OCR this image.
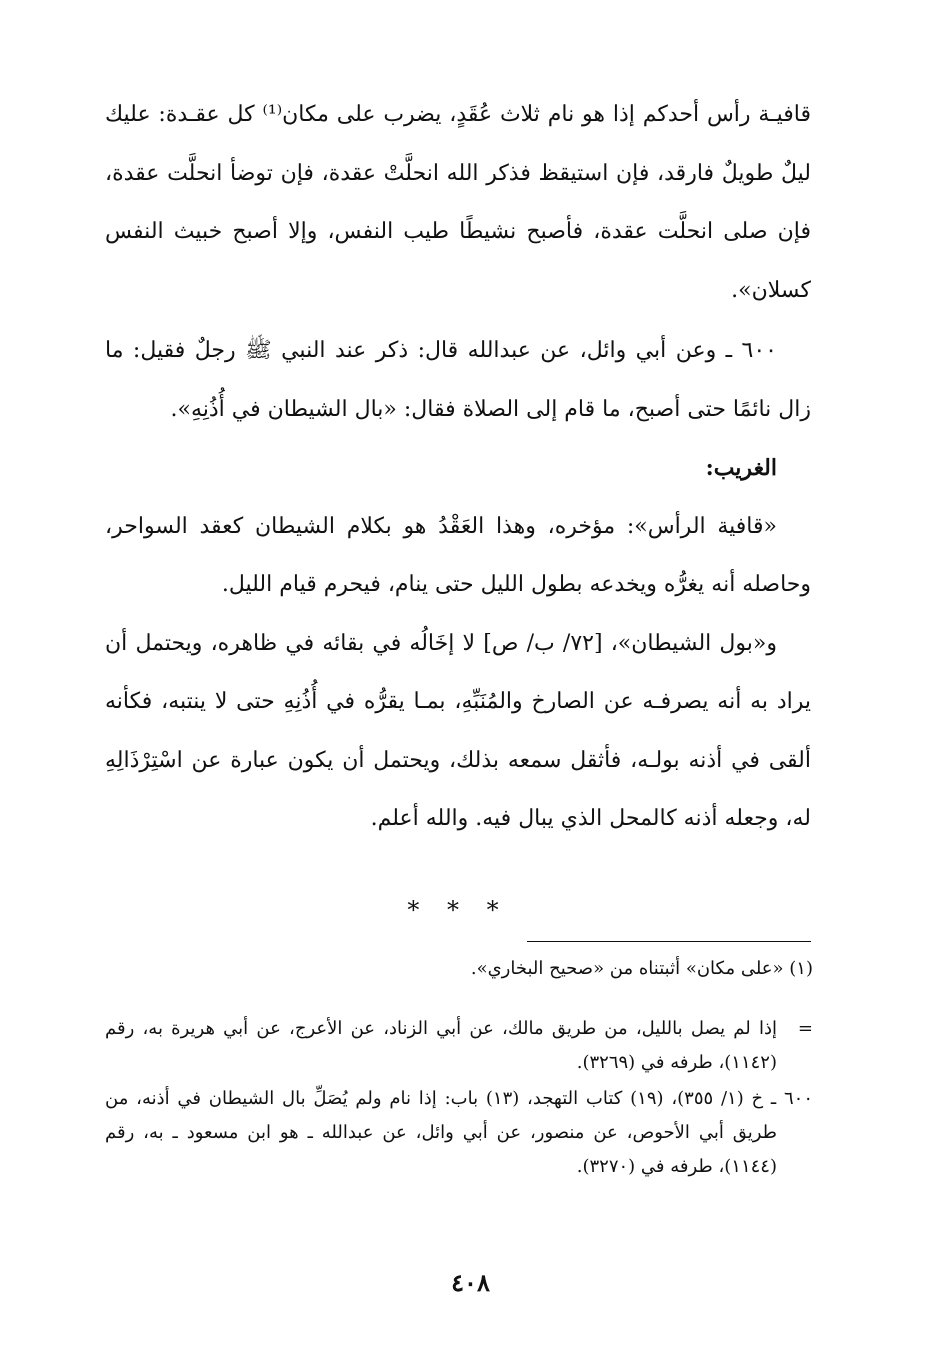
قافيـة رأس أحدكم إذا هو نام ثلاث عُقَدٍ، يضرب على مكان⁽¹⁾ كل عقـدة: عليك ليلٌ طويلٌ فارقد، فإن استيقظ فذكر الله انحلَّتْ عقدة، فإن توضأ انحلَّت عقدة، فإن صلى انحلَّت عقدة، فأصبح نشيطًا طيب النفس، وإلا أصبح خبيث النفس كسلان».

٦٠٠ ـ وعن أبي وائل، عن عبدالله قال: ذكر عند النبي ﷺ رجلٌ فقيل: ما زال نائمًا حتى أصبح، ما قام إلى الصلاة فقال: «بال الشيطان في أُذُنِهِ».

الغريب:

«قافية الرأس»: مؤخره، وهذا العَقْدُ هو بكلام الشيطان كعقد السواحر، وحاصله أنه يغرُّه ويخدعه بطول الليل حتى ينام، فيحرم قيام الليل.

و«بول الشيطان»، [٧٢/ ب/ ص] لا إخَالُه في بقائه في ظاهره، ويحتمل أن يراد به أنه يصرفـه عن الصارخ والمُنَبِّهِ، بمـا يقرُّه في أُذُنِهِ حتى لا ينتبه، فكأنه ألقى في أذنه بولـه، فأثقل سمعه بذلك، ويحتمل أن يكون عبارة عن اسْتِرْذَالِهِ له، وجعله أذنه كالمحل الذي يبال فيه. والله أعلم.

* * *

(١) «على مكان» أثبتناه من «صحيح البخاري».

=إذا لم يصل بالليل، من طريق مالك، عن أبي الزناد، عن الأعرج، عن أبي هريرة به، رقم (١١٤٢)، طرفه في (٣٢٦٩).

٦٠٠ ـ خ (١/ ٣٥٥)، (١٩) كتاب التهجد، (١٣) باب: إذا نام ولم يُصَلِّ بال الشيطان في أذنه، من طريق أبي الأحوص، عن منصور، عن أبي وائل، عن عبدالله ـ هو ابن مسعود ـ به، رقم (١١٤٤)، طرفه في (٣٢٧٠).

٤٠٨
